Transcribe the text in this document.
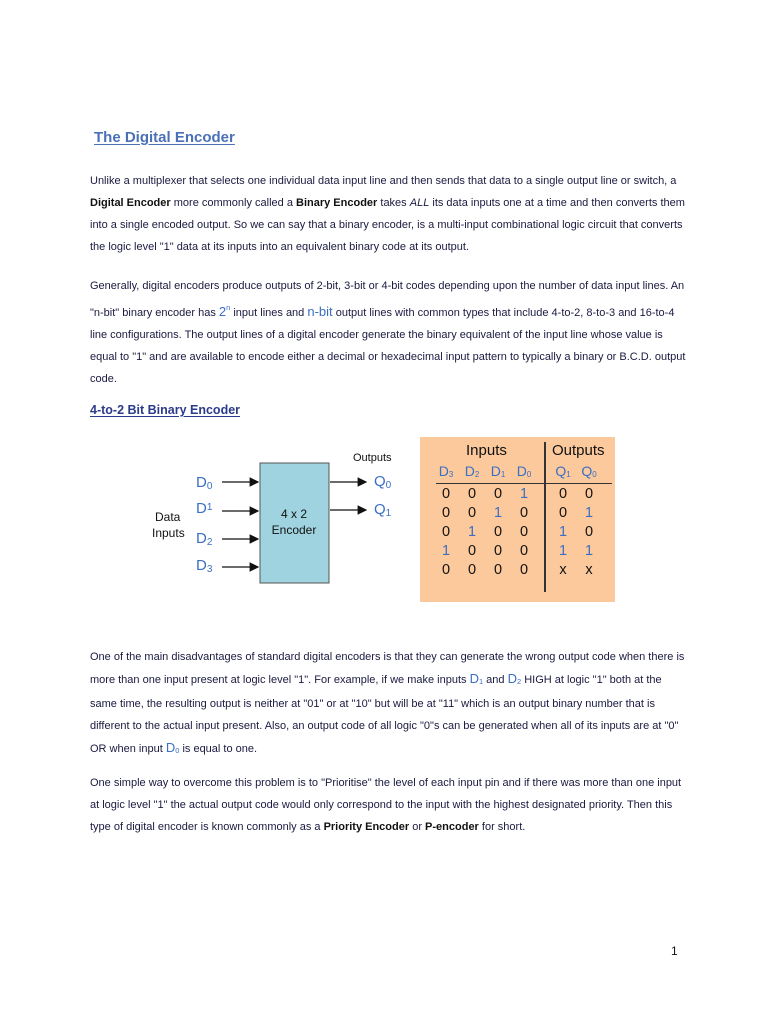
The Digital Encoder
Unlike a multiplexer that selects one individual data input line and then sends that data to a single output line or switch, a Digital Encoder more commonly called a Binary Encoder takes ALL its data inputs one at a time and then converts them into a single encoded output. So we can say that a binary encoder, is a multi-input combinational logic circuit that converts the logic level "1" data at its inputs into an equivalent binary code at its output.
Generally, digital encoders produce outputs of 2-bit, 3-bit or 4-bit codes depending upon the number of data input lines. An "n-bit" binary encoder has 2$^n$ input lines and n-bit output lines with common types that include 4-to-2, 8-to-3 and 16-to-4 line configurations. The output lines of a digital encoder generate the binary equivalent of the input line whose value is equal to "1" and are available to encode either a decimal or hexadecimal input pattern to typically a binary or B.C.D. output code.
4-to-2 Bit Binary Encoder
4 x 2
Encoder
Outputs
Data
Inputs
D0
$D^1$
D2
D3
Q0
Q1
Inputs	Outputs
D3 D2 D1 D0 Q1 Q0
0	0	0	1	0	0
0	0	1	0	0	1
0	1	0	0	1	0
1	0	0	0	1	1
0	0	0	0	x	x
One of the main disadvantages of standard digital encoders is that they can generate the wrong output code when there is more than one input present at logic level "1". For example, if we make inputs D1 and D2 HIGH at logic "1" both at the same time, the resulting output is neither at "01" or at "10" but will be at "11" which is an output binary number that is different to the actual input present. Also, an output code of all logic "0"s can be generated when all of its inputs are at "0" OR when input D0 is equal to one.
One simple way to overcome this problem is to "Prioritise" the level of each input pin and if there was more than one input at logic level "1" the actual output code would only correspond to the input with the highest designated priority. Then this type of digital encoder is known commonly as a Priority Encoder or P-encoder for short.
1
